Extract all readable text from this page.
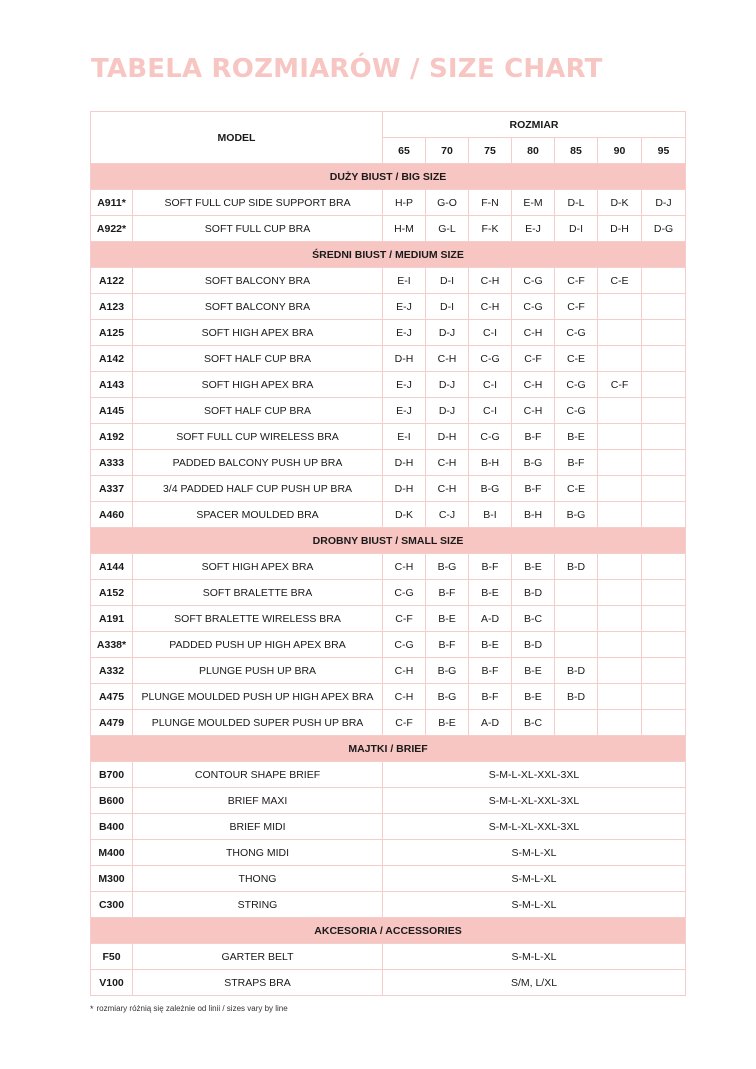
TABELA ROZMIARÓW / SIZE CHART
MODEL		ROZMIAR						
		65	70	75	80	85	90	95
DUŻY BIUST / BIG SIZE								
A911*	SOFT FULL CUP SIDE SUPPORT BRA	H-P	G-O	F-N	E-M	D-L	D-K	D-J
A922*	SOFT FULL CUP BRA	H-M	G-L	F-K	E-J	D-I	D-H	D-G
ŚREDNI BIUST / MEDIUM SIZE								
A122	SOFT BALCONY BRA	E-I	D-I	C-H	C-G	C-F	C-E	
A123	SOFT BALCONY BRA	E-J	D-I	C-H	C-G	C-F		
A125	SOFT HIGH APEX BRA	E-J	D-J	C-I	C-H	C-G		
A142	SOFT HALF CUP BRA	D-H	C-H	C-G	C-F	C-E		
A143	SOFT HIGH APEX BRA	E-J	D-J	C-I	C-H	C-G	C-F	
A145	SOFT HALF CUP BRA	E-J	D-J	C-I	C-H	C-G		
A192	SOFT FULL CUP WIRELESS BRA	E-I	D-H	C-G	B-F	B-E		
A333	PADDED BALCONY PUSH UP BRA	D-H	C-H	B-H	B-G	B-F		
A337	3/4 PADDED HALF CUP PUSH UP BRA	D-H	C-H	B-G	B-F	C-E		
A460	SPACER MOULDED BRA	D-K	C-J	B-I	B-H	B-G		
DROBNY BIUST / SMALL SIZE								
A144	SOFT HIGH APEX BRA	C-H	B-G	B-F	B-E	B-D		
A152	SOFT BRALETTE BRA	C-G	B-F	B-E	B-D			
A191	SOFT BRALETTE WIRELESS BRA	C-F	B-E	A-D	B-C			
A338*	PADDED PUSH UP HIGH APEX BRA	C-G	B-F	B-E	B-D			
A332	PLUNGE PUSH UP BRA	C-H	B-G	B-F	B-E	B-D		
A475	PLUNGE MOULDED PUSH UP HIGH APEX BRA	C-H	B-G	B-F	B-E	B-D		
A479	PLUNGE MOULDED SUPER PUSH UP BRA	C-F	B-E	A-D	B-C			
MAJTKI / BRIEF								
B700	CONTOUR SHAPE BRIEF	S-M-L-XL-XXL-3XL						
B600	BRIEF MAXI	S-M-L-XL-XXL-3XL						
B400	BRIEF MIDI	S-M-L-XL-XXL-3XL						
M400	THONG MIDI	S-M-L-XL						
M300	THONG	S-M-L-XL						
C300	STRING	S-M-L-XL						
AKCESORIA / ACCESSORIES								
F50	GARTER BELT	S-M-L-XL						
V100	STRAPS BRA	S/M, L/XL						
* rozmiary różnią się zależnie od linii / sizes vary by line
